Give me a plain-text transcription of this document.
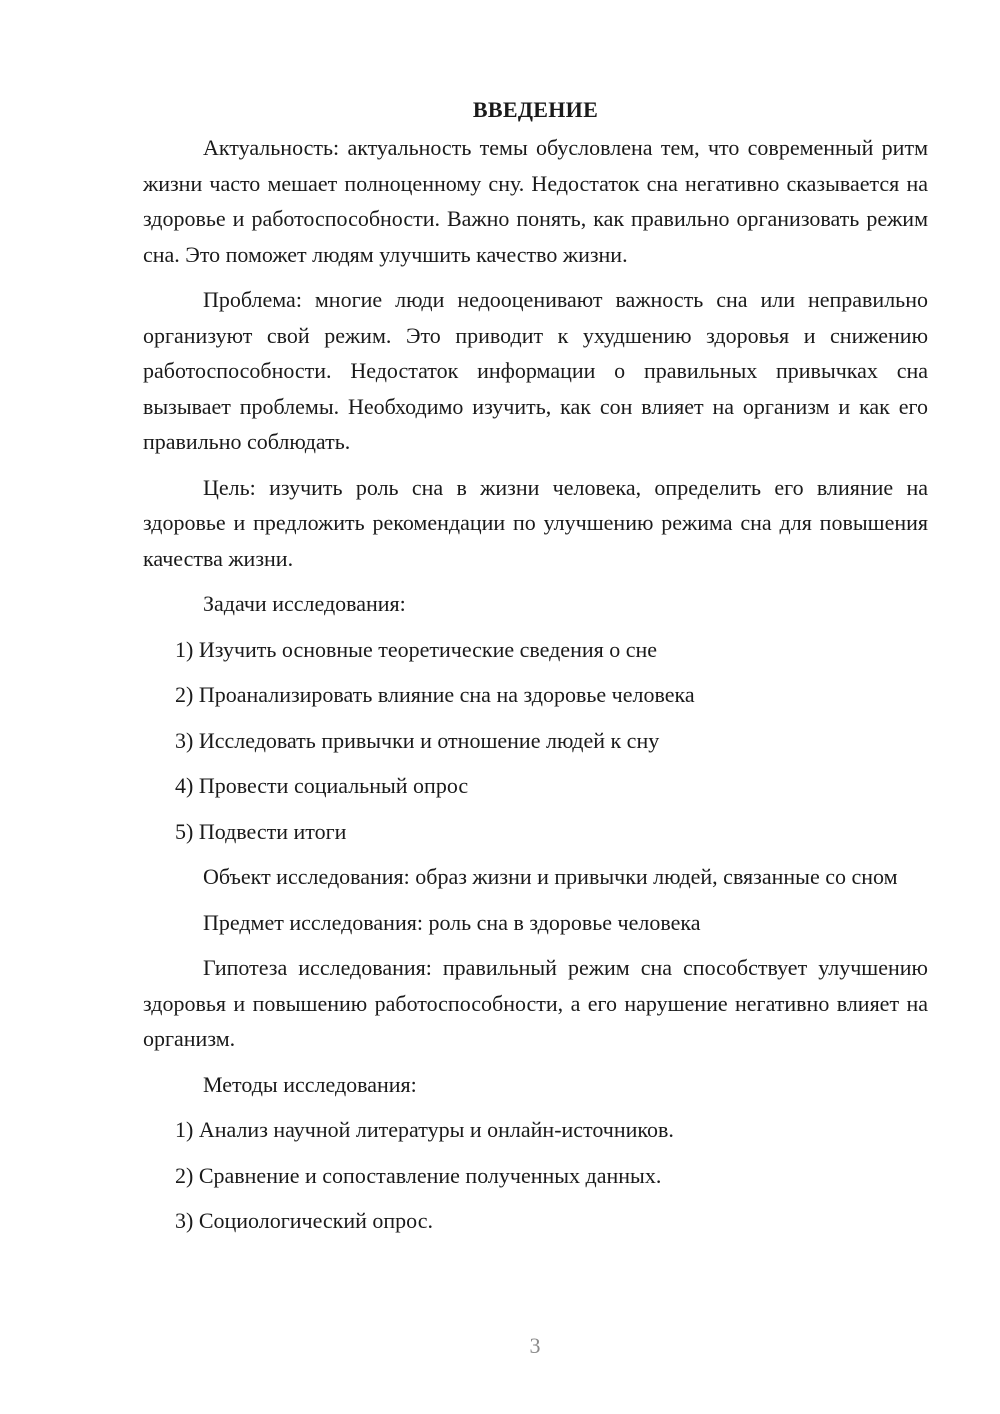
ВВЕДЕНИЕ

Актуальность: актуальность темы обусловлена тем, что современный ритм жизни часто мешает полноценному сну. Недостаток сна негативно сказывается на здоровье и работоспособности. Важно понять, как правильно организовать режим сна. Это поможет людям улучшить качество жизни.

Проблема: многие люди недооценивают важность сна или неправильно организуют свой режим. Это приводит к ухудшению здоровья и снижению работоспособности. Недостаток информации о правильных привычках сна вызывает проблемы. Необходимо изучить, как сон влияет на организм и как его правильно соблюдать.

Цель: изучить роль сна в жизни человека, определить его влияние на здоровье и предложить рекомендации по улучшению режима сна для повышения качества жизни.

Задачи исследования:
1) Изучить основные теоретические сведения о сне
2) Проанализировать влияние сна на здоровье человека
3) Исследовать привычки и отношение людей к сну
4) Провести социальный опрос
5) Подвести итоги

Объект исследования: образ жизни и привычки людей, связанные со сном

Предмет исследования: роль сна в здоровье человека

Гипотеза исследования: правильный режим сна способствует улучшению здоровья и повышению работоспособности, а его нарушение негативно влияет на организм.

Методы исследования:
1) Анализ научной литературы и онлайн-источников.
2) Сравнение и сопоставление полученных данных.
3) Социологический опрос.
3
